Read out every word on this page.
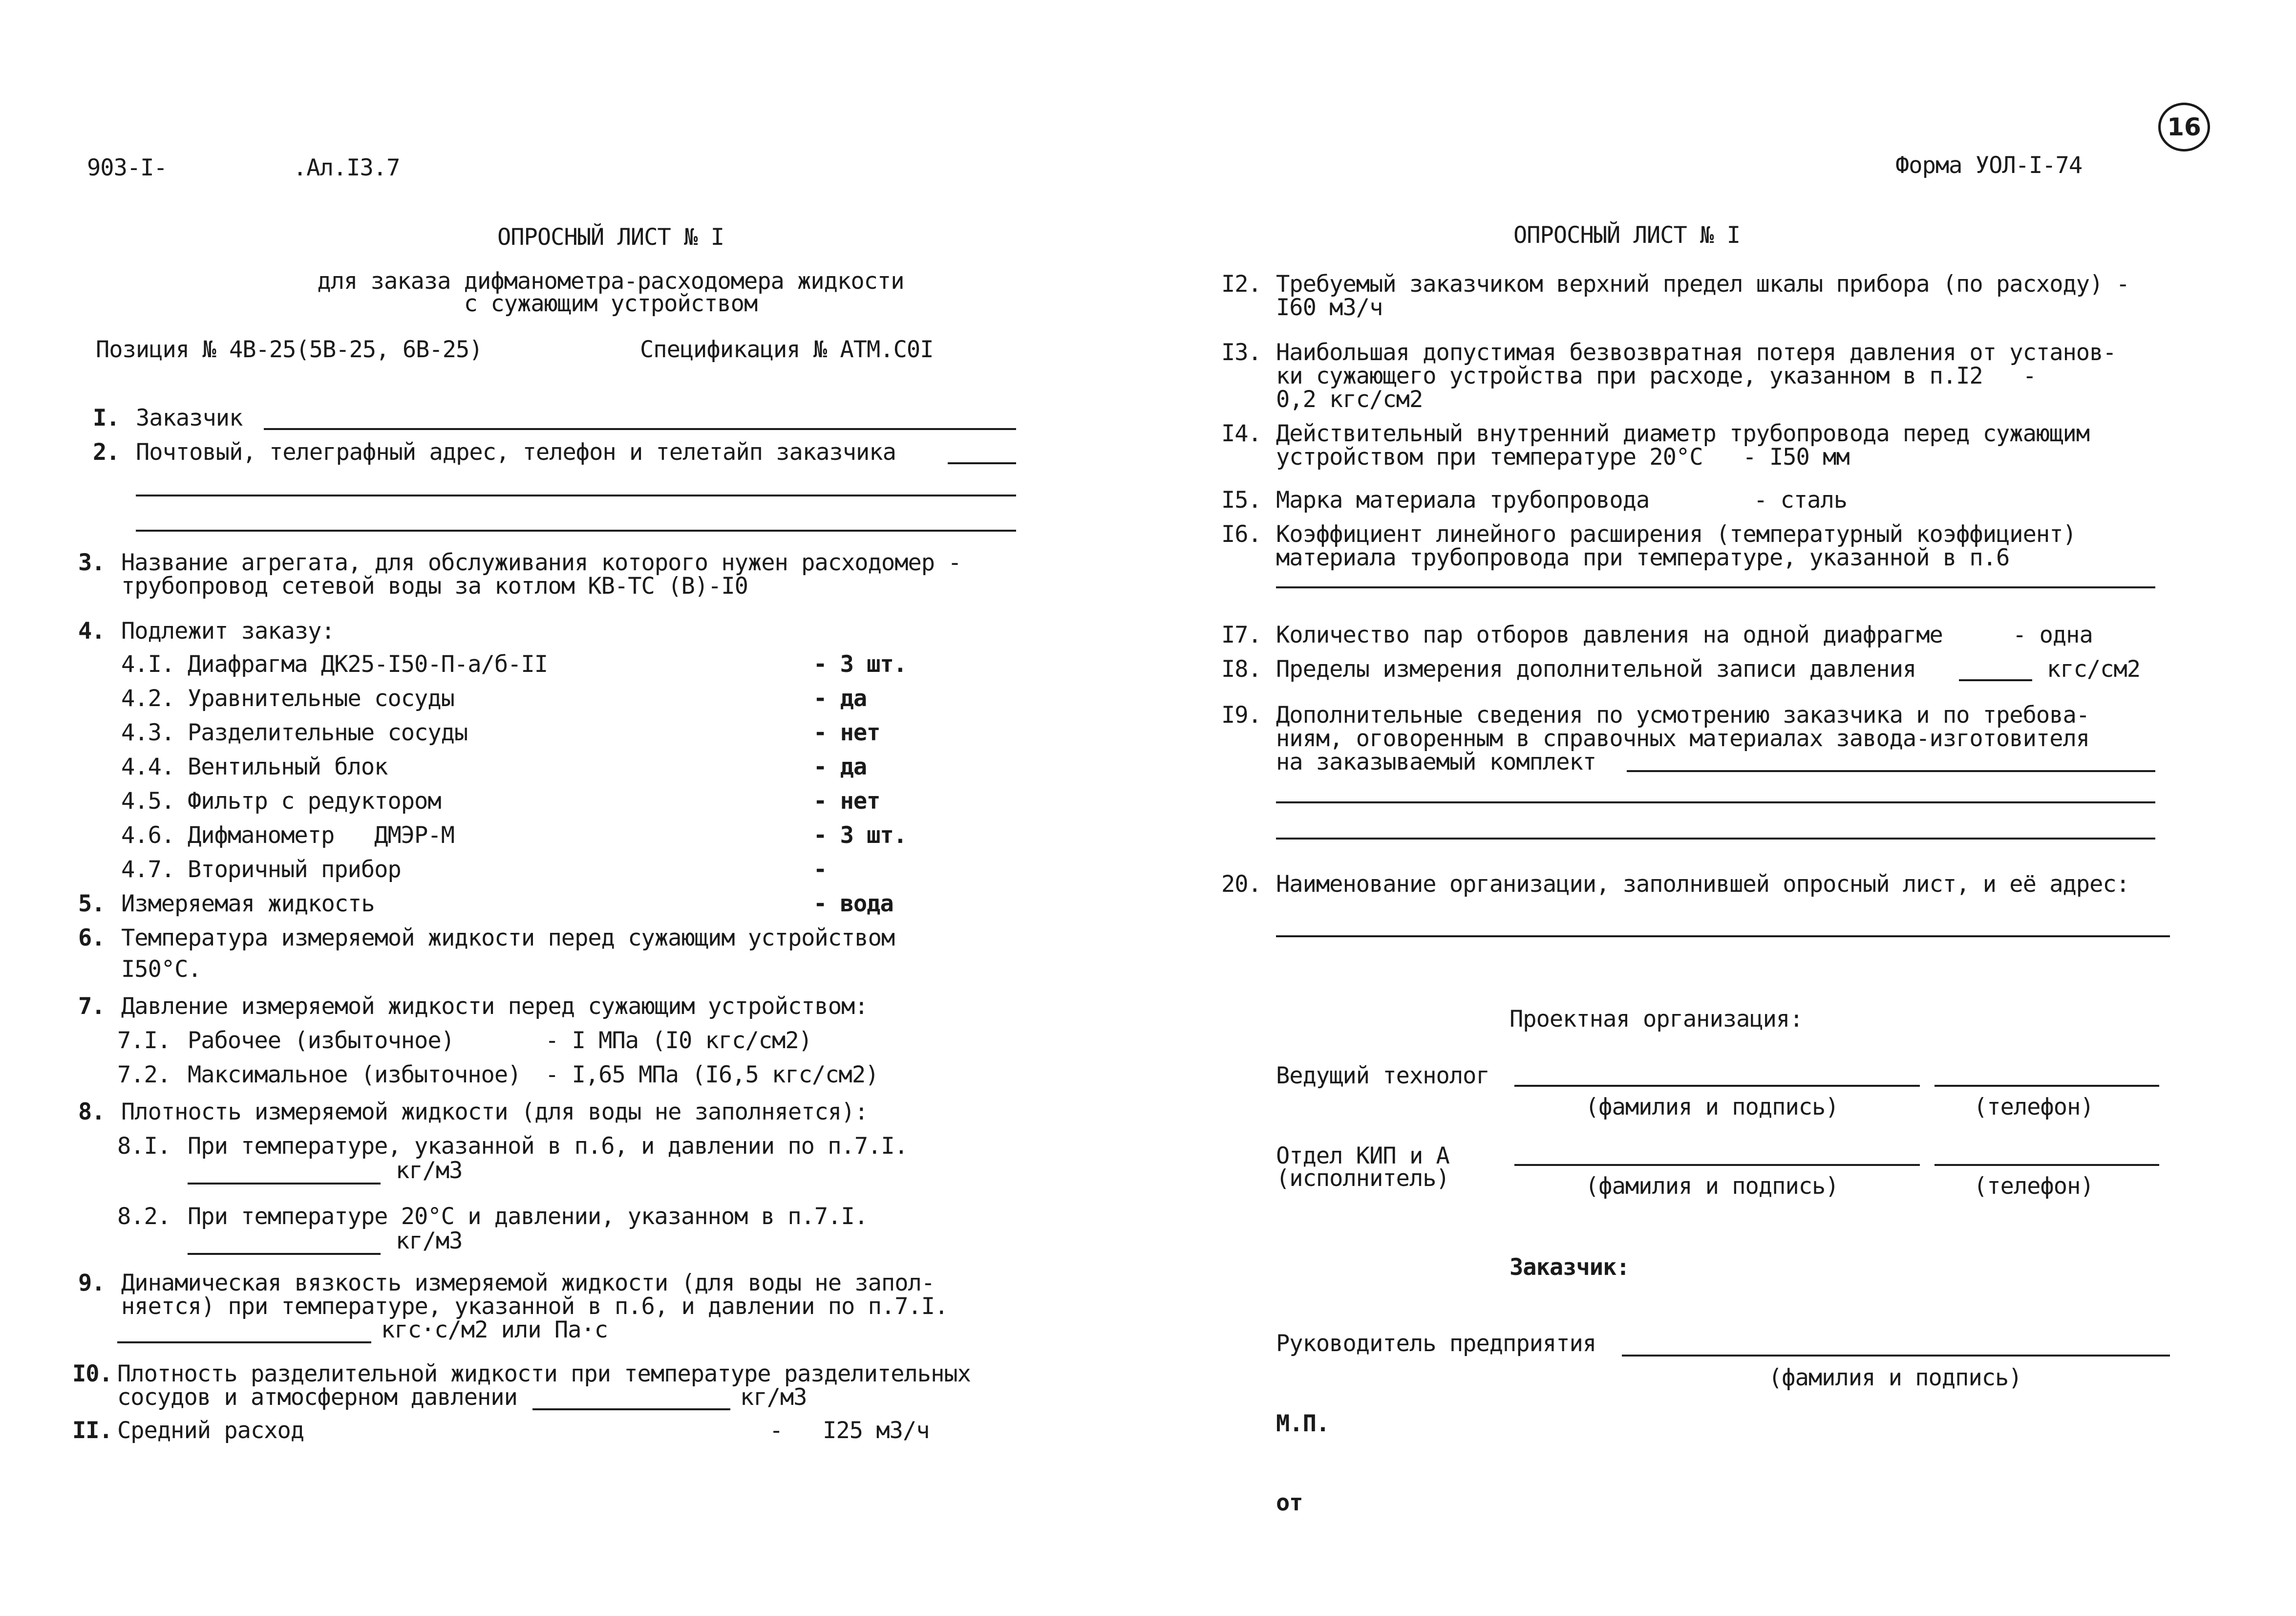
903-I-	.Ал.I3.7	Форма УОЛ-I-74
16
ОПРОСНЫЙ ЛИСТ № I
для заказа дифманометра-расходомера жидкости
с сужающим устройством
Позиция № 4В-25(5В-25, 6В-25)	Спецификация № АТМ.С0I
I. Заказчик
2. Почтовый, телеграфный адрес, телефон и телетайп заказчика
3. Название агрегата, для обслуживания которого нужен расходомер -
трубопровод сетевой воды за котлом КВ-ТС (В)-I0
4. Подлежит заказу:
4.I. Диафрагма ДК25-I50-П-а/б-II	- 3 шт.
4.2. Уравнительные сосуды	- да
4.3. Разделительные сосуды	- нет
4.4. Вентильный блок	- да
4.5. Фильтр с редуктором	- нет
4.6. Дифманометр   ДМЭР-М	- 3 шт.
4.7. Вторичный прибор	-
5. Измеряемая жидкость	- вода
6. Температура измеряемой жидкости перед сужающим устройством
I50°С.
7. Давление измеряемой жидкости перед сужающим устройством:
7.I. Рабочее (избыточное)	- I МПа (I0 кгс/см2)
7.2. Максимальное (избыточное) - I,65 МПа (I6,5 кгс/см2)
8. Плотность измеряемой жидкости (для воды не заполняется):
8.I. При температуре, указанной в п.6, и давлении по п.7.I.
кг/м3
8.2. При температуре 20°С и давлении, указанном в п.7.I.
кг/м3
9. Динамическая вязкость измеряемой жидкости (для воды не запол-
няется) при температуре, указанной в п.6, и давлении по п.7.I.
кгс·с/м2 или Па·с
I0. Плотность разделительной жидкости при температуре разделительных
сосудов и атмосферном давлении	кг/м3
II. Средний расход	-   I25 м3/ч
ОПРОСНЫЙ ЛИСТ № I
I2. Требуемый заказчиком верхний предел шкалы прибора (по расходу) -
I60 м3/ч
I3. Наибольшая допустимая безвозвратная потеря давления от установ-
ки сужающего устройства при расходе, указанном в п.I2   -
0,2 кгс/см2
I4. Действительный внутренний диаметр трубопровода перед сужающим
устройством при температуре 20°С   - I50 мм
I5. Марка материала трубопровода	- сталь
I6. Коэффициент линейного расширения (температурный коэффициент)
материала трубопровода при температуре, указанной в п.6
I7. Количество пар отборов давления на одной диафрагме	- одна
I8. Пределы измерения дополнительной записи давления	кгс/см2
I9. Дополнительные сведения по усмотрению заказчика и по требова-
ниям, оговоренным в справочных материалах завода-изготовителя
на заказываемый комплект
20. Наименование организации, заполнившей опросный лист, и её адрес:
Проектная организация:
Ведущий технолог
(фамилия и подпись)	(телефон)
Отдел КИП и А
(исполнитель)	(фамилия и подпись)	(телефон)
Заказчик:
Руководитель предприятия
(фамилия и подпись)
М.П.
от
